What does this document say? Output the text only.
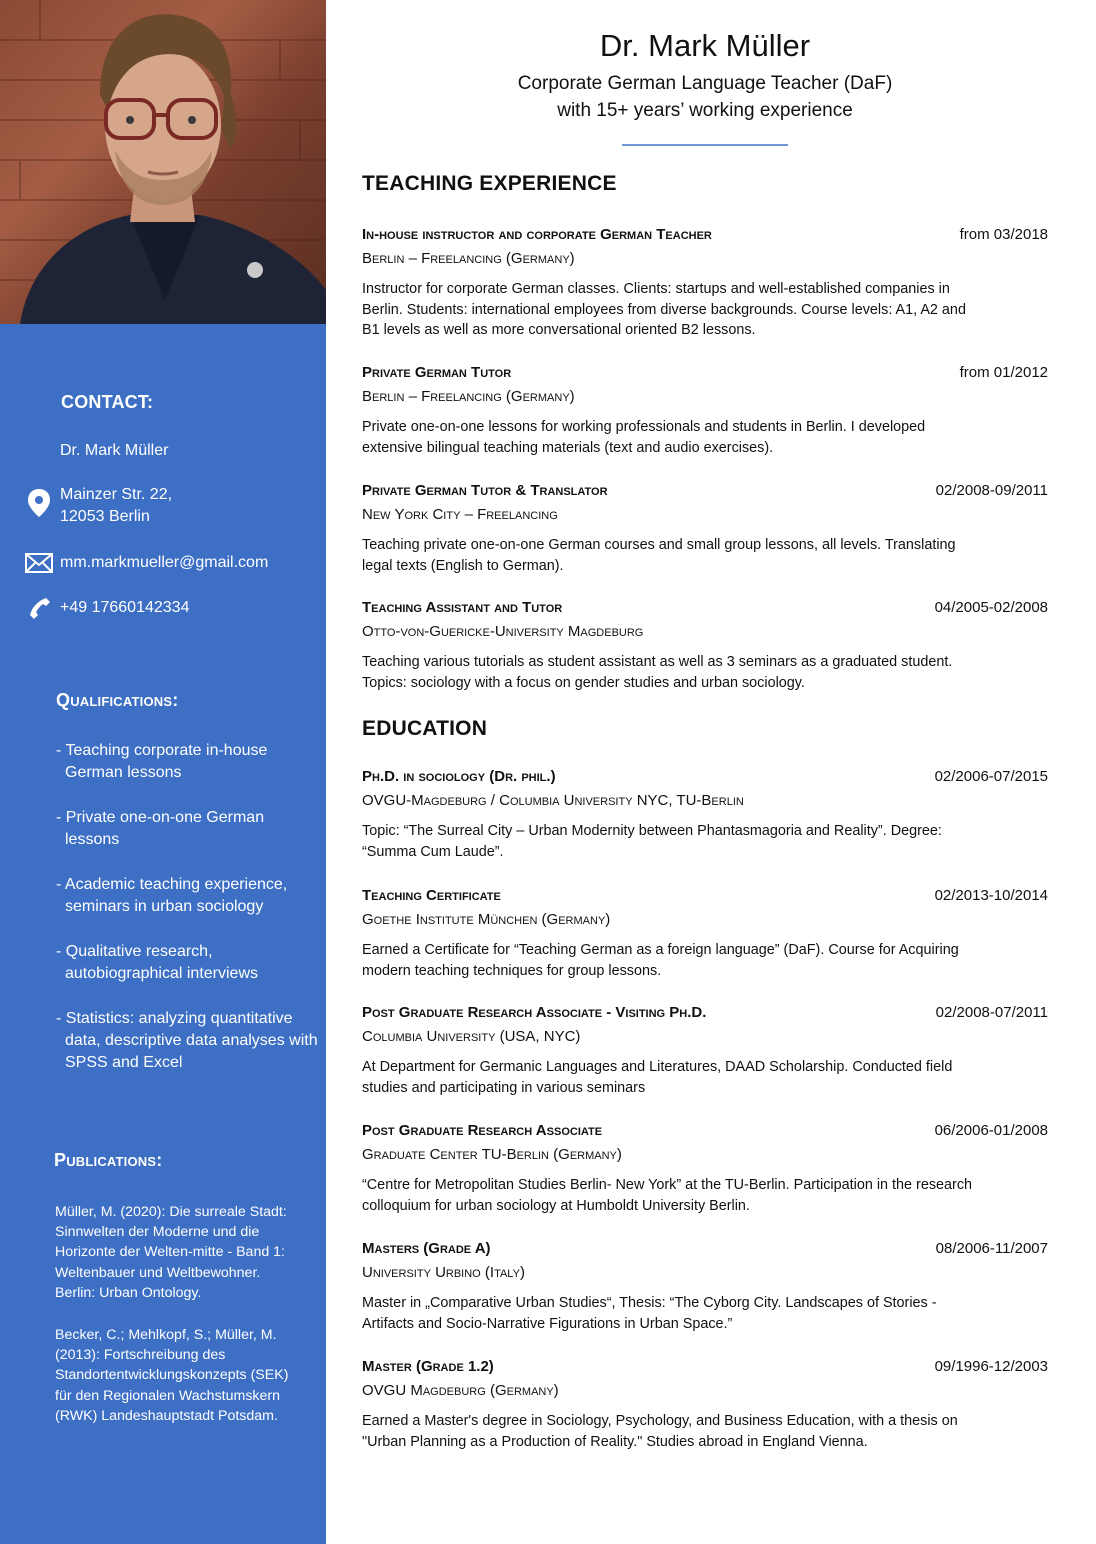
CONTACT:
Dr. Mark Müller
Mainzer Str. 22,
12053 Berlin
mm.markmueller@gmail.com
+49 17660142334
Qualifications:
- Teaching corporate in-house German lessons
- Private one-on-one German lessons
- Academic teaching experience, seminars in urban sociology
- Qualitative research, autobiographical interviews
- Statistics: analyzing quantitative data, descriptive data analyses with SPSS and Excel
Publications:

Müller, M. (2020): Die surreale Stadt: Sinnwelten der Moderne und die Horizonte der Welten-mitte - Band 1: Weltenbauer und Weltbewohner. Berlin: Urban Ontology.

Becker, C.; Mehlkopf, S.; Müller, M. (2013): Fortschreibung des Standortentwicklungskonzepts (SEK) für den Regionalen Wachstumskern (RWK) Landeshauptstadt Potsdam.

Dr. Mark Müller
Corporate German Language Teacher (DaF)
with 15+ years’ working experience
TEACHING EXPERIENCE
In-house instructor and corporate German Teacher	from 03/2018
Berlin – Freelancing (Germany)
Instructor for corporate German classes. Clients: startups and well-established companies in Berlin. Students: international employees from diverse backgrounds. Course levels: A1, A2 and B1 levels as well as more conversational oriented B2 lessons.
Private German Tutor	from 01/2012
Berlin – Freelancing (Germany)
Private one-on-one lessons for working professionals and students in Berlin. I developed extensive bilingual teaching materials (text and audio exercises).
Private German Tutor & Translator	02/2008-09/2011
New York City – Freelancing
Teaching private one-on-one German courses and small group lessons, all levels. Translating legal texts (English to German).
Teaching Assistant and Tutor	04/2005-02/2008
Otto-von-Guericke-University Magdeburg
Teaching various tutorials as student assistant as well as 3 seminars as a graduated student. Topics: sociology with a focus on gender studies and urban sociology.
EDUCATION
Ph.D. in sociology (Dr. phil.)	02/2006-07/2015
OVGU-Magdeburg / Columbia University NYC, TU-Berlin
Topic: “The Surreal City – Urban Modernity between Phantasmagoria and Reality”. Degree: “Summa Cum Laude”.
Teaching Certificate	02/2013-10/2014
Goethe Institute München (Germany)
Earned a Certificate for “Teaching German as a foreign language” (DaF). Course for Acquiring modern teaching techniques for group lessons.
Post Graduate Research Associate - Visiting Ph.D.	02/2008-07/2011
Columbia University (USA, NYC)
At Department for Germanic Languages and Literatures, DAAD Scholarship. Conducted field studies and participating in various seminars
Post Graduate Research Associate	06/2006-01/2008
Graduate Center TU-Berlin (Germany)
“Centre for Metropolitan Studies Berlin- New York” at the TU-Berlin. Participation in the research colloquium for urban sociology at Humboldt University Berlin.
Masters (Grade A)	08/2006-11/2007
University Urbino (Italy)
Master in „Comparative Urban Studies“, Thesis: “The Cyborg City. Landscapes of Stories - Artifacts and Socio-Narrative Figurations in Urban Space.”
Master (Grade 1.2)	09/1996-12/2003
OVGU Magdeburg (Germany)
Earned a Master's degree in Sociology, Psychology, and Business Education, with a thesis on "Urban Planning as a Production of Reality." Studies abroad in England Vienna.
